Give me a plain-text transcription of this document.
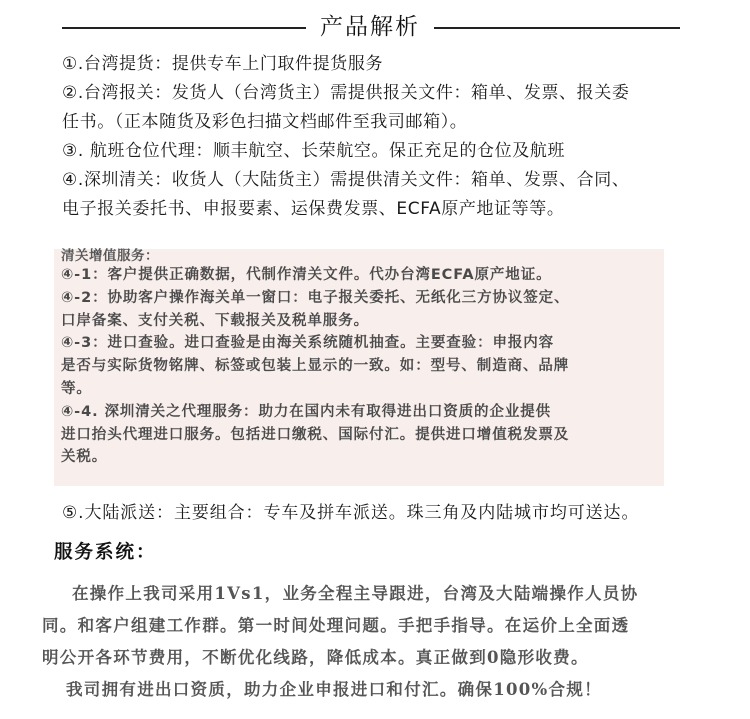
产品解析

①.台湾提货：提供专车上门取件提货服务

②.台湾报关：发货人（台湾货主）需提供报关文件：箱单、发票、报关委

任书。（正本随货及彩色扫描文档邮件至我司邮箱）。

③. 航班仓位代理：顺丰航空、长荣航空。保正充足的仓位及航班

④.深圳清关：收货人（大陆货主）需提供清关文件：箱单、发票、合同、

电子报关委托书、申报要素、运保费发票、ECFA原产地证等等。

清关增值服务：

④-1：客户提供正确数据，代制作清关文件。代办台湾ECFA原产地证。

④-2：协助客户操作海关单一窗口：电子报关委托、无纸化三方协议签定、

口岸备案、支付关税、下载报关及税单服务。

④-3：进口查验。进口查验是由海关系统随机抽查。主要查验：申报内容

是否与实际货物铭牌、标签或包装上显示的一致。如：型号、制造商、品牌

等。

④-4. 深圳清关之代理服务：助力在国内未有取得进出口资质的企业提供

进口抬头代理进口服务。包括进口缴税、国际付汇。提供进口增值税发票及

关税。

⑤.大陆派送：主要组合：专车及拼车派送。珠三角及内陆城市均可送达。
服务系统：

在操作上我司采用1Vs1，业务全程主导跟进，台湾及大陆端操作人员协

同。和客户组建工作群。第一时间处理问题。手把手指导。在运价上全面透

明公开各环节费用，不断优化线路，降低成本。真正做到0隐形收费。

我司拥有进出口资质，助力企业申报进口和付汇。确保100%合规！
